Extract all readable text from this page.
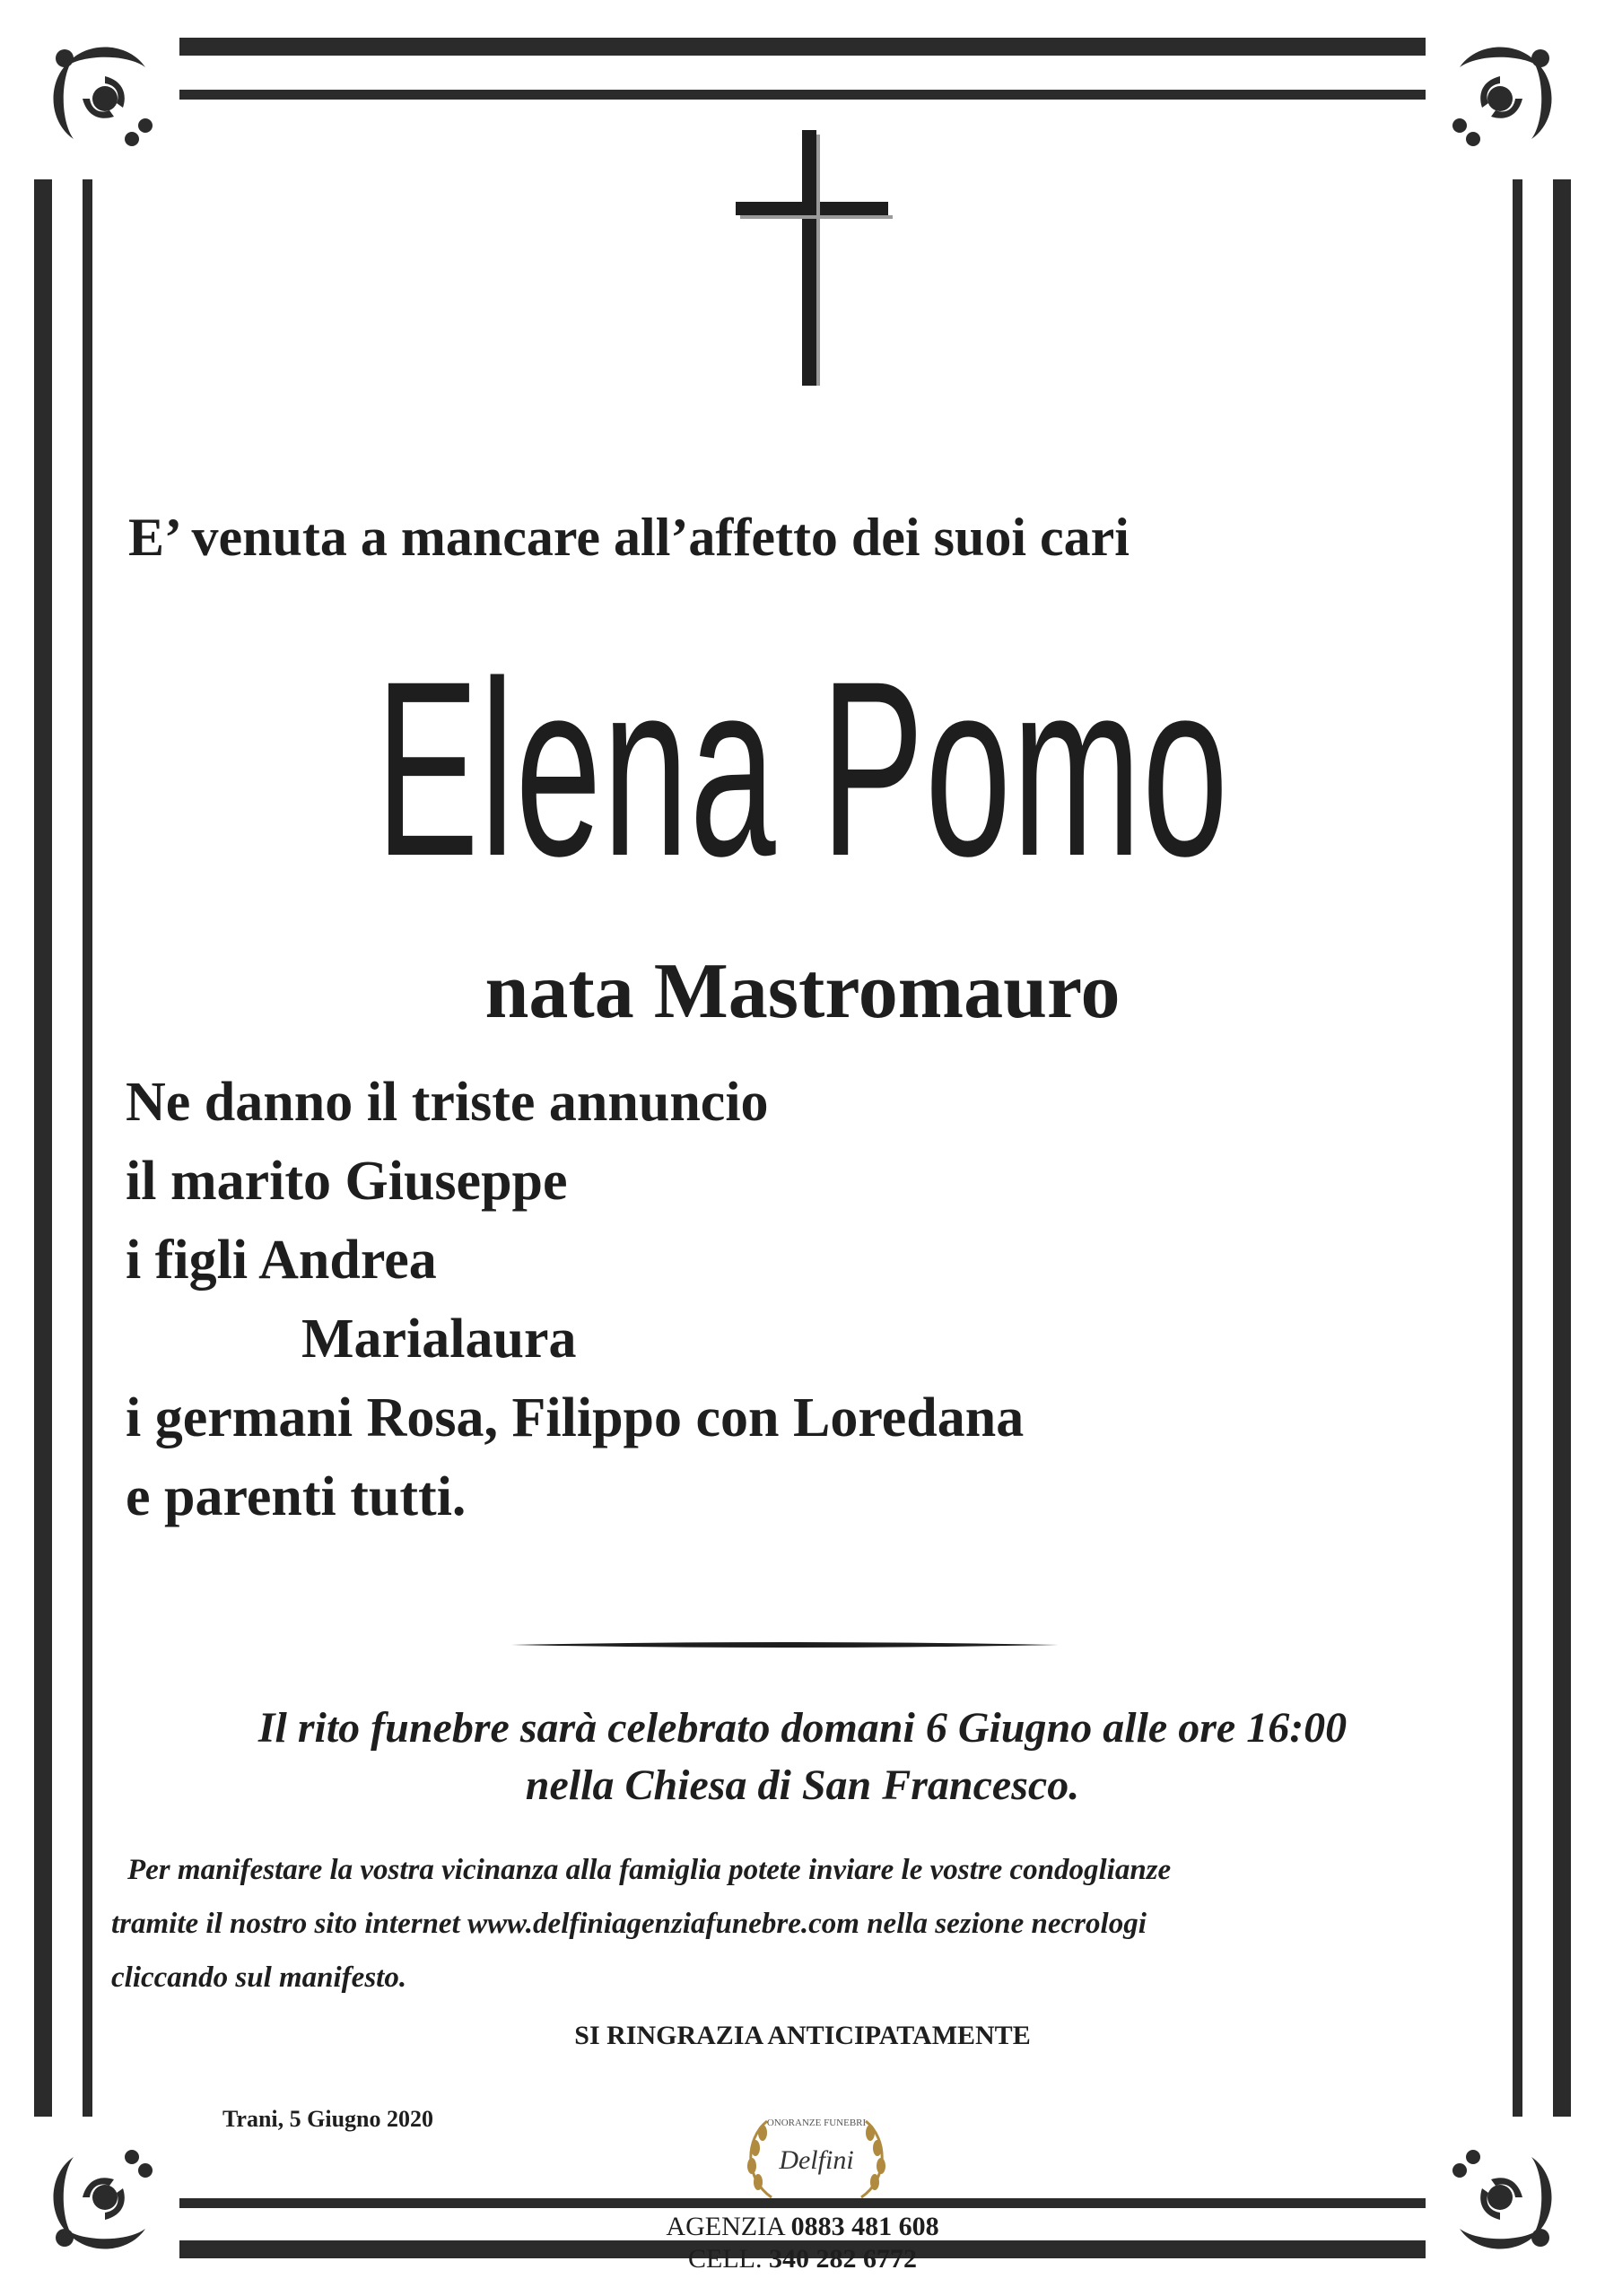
E’ venuta a mancare all’affetto dei suoi cari
Elena Pomo
nata Mastromauro
Ne danno il triste annuncio
il marito Giuseppe
i figli Andrea
Marialaura
i germani Rosa, Filippo con Loredana
e parenti tutti.
Il rito funebre sarà celebrato domani 6 Giugno alle ore 16:00
nella Chiesa di San Francesco.
Per manifestare la vostra vicinanza alla famiglia potete inviare le vostre condoglianze
tramite il nostro sito internet www.delfiniagenziafunebre.com nella sezione necrologi
cliccando sul manifesto.
SI RINGRAZIA ANTICIPATAMENTE
Trani, 5 Giugno 2020	ONORANZE FUNEBRI
Delfini
AGENZIA 0883 481 608
CELL. 340 282 6772
